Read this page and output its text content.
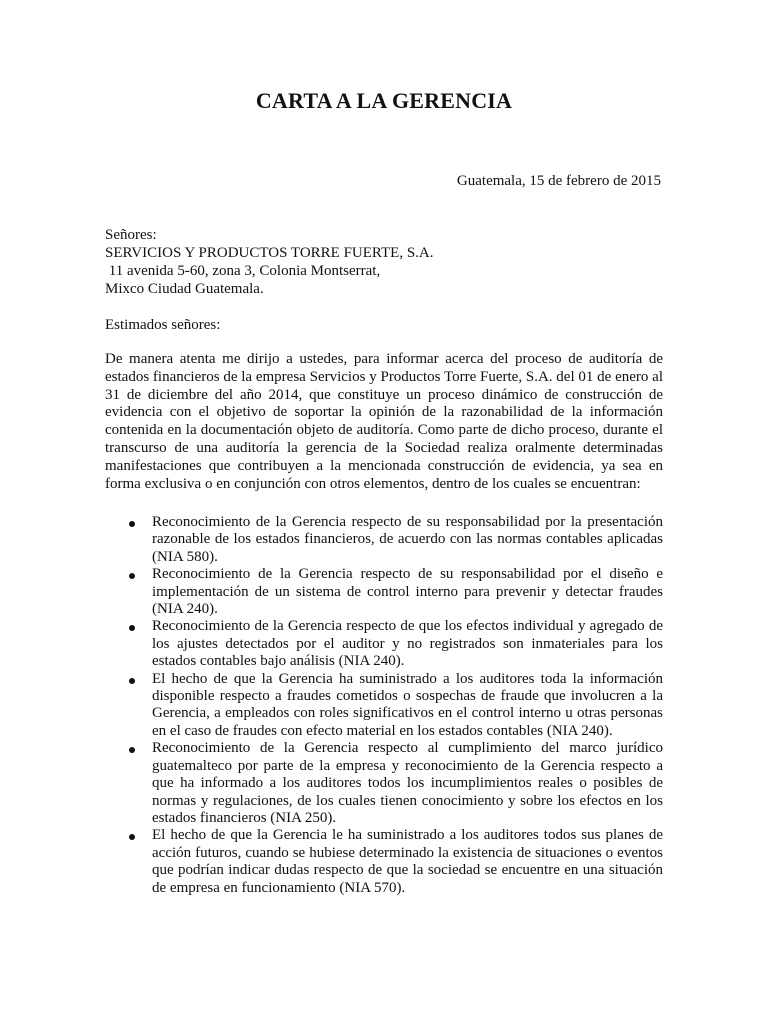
CARTA A LA GERENCIA
Guatemala, 15 de febrero de 2015
Señores:
SERVICIOS Y PRODUCTOS TORRE FUERTE, S.A.
11 avenida 5-60, zona 3, Colonia Montserrat,
Mixco Ciudad Guatemala.
Estimados señores:

De manera atenta me dirijo a ustedes, para informar acerca del proceso de auditoría de estados financieros de la empresa Servicios y Productos Torre Fuerte, S.A. del 01 de enero al 31 de diciembre del año 2014, que constituye un proceso dinámico de construcción de evidencia con el objetivo de soportar la opinión de la razonabilidad de la información contenida en la documentación objeto de auditoría. Como parte de dicho proceso, durante el transcurso de una auditoría la gerencia de la Sociedad realiza oralmente determinadas manifestaciones que contribuyen a la mencionada construcción de evidencia, ya sea en forma exclusiva o en conjunción con otros elementos, dentro de los cuales se encuentran:

Reconocimiento de la Gerencia respecto de su responsabilidad por la presentación razonable de los estados financieros, de acuerdo con las normas contables aplicadas (NIA 580).
Reconocimiento de la Gerencia respecto de su responsabilidad por el diseño e implementación de un sistema de control interno para prevenir y detectar fraudes (NIA 240).
Reconocimiento de la Gerencia respecto de que los efectos individual y agregado de los ajustes detectados por el auditor y no registrados son inmateriales para los estados contables bajo análisis (NIA 240).
El hecho de que la Gerencia ha suministrado a los auditores toda la información disponible respecto a fraudes cometidos o sospechas de fraude que involucren a la Gerencia, a empleados con roles significativos en el control interno u otras personas en el caso de fraudes con efecto material en los estados contables (NIA 240).
Reconocimiento de la Gerencia respecto al cumplimiento del marco jurídico guatemalteco por parte de la empresa y reconocimiento de la Gerencia respecto a que ha informado a los auditores todos los incumplimientos reales o posibles de normas y regulaciones, de los cuales tienen conocimiento y sobre los efectos en los estados financieros (NIA 250).
El hecho de que la Gerencia le ha suministrado a los auditores todos sus planes de acción futuros, cuando se hubiese determinado la existencia de situaciones o eventos que podrían indicar dudas respecto de que la sociedad se encuentre en una situación de empresa en funcionamiento (NIA 570).
